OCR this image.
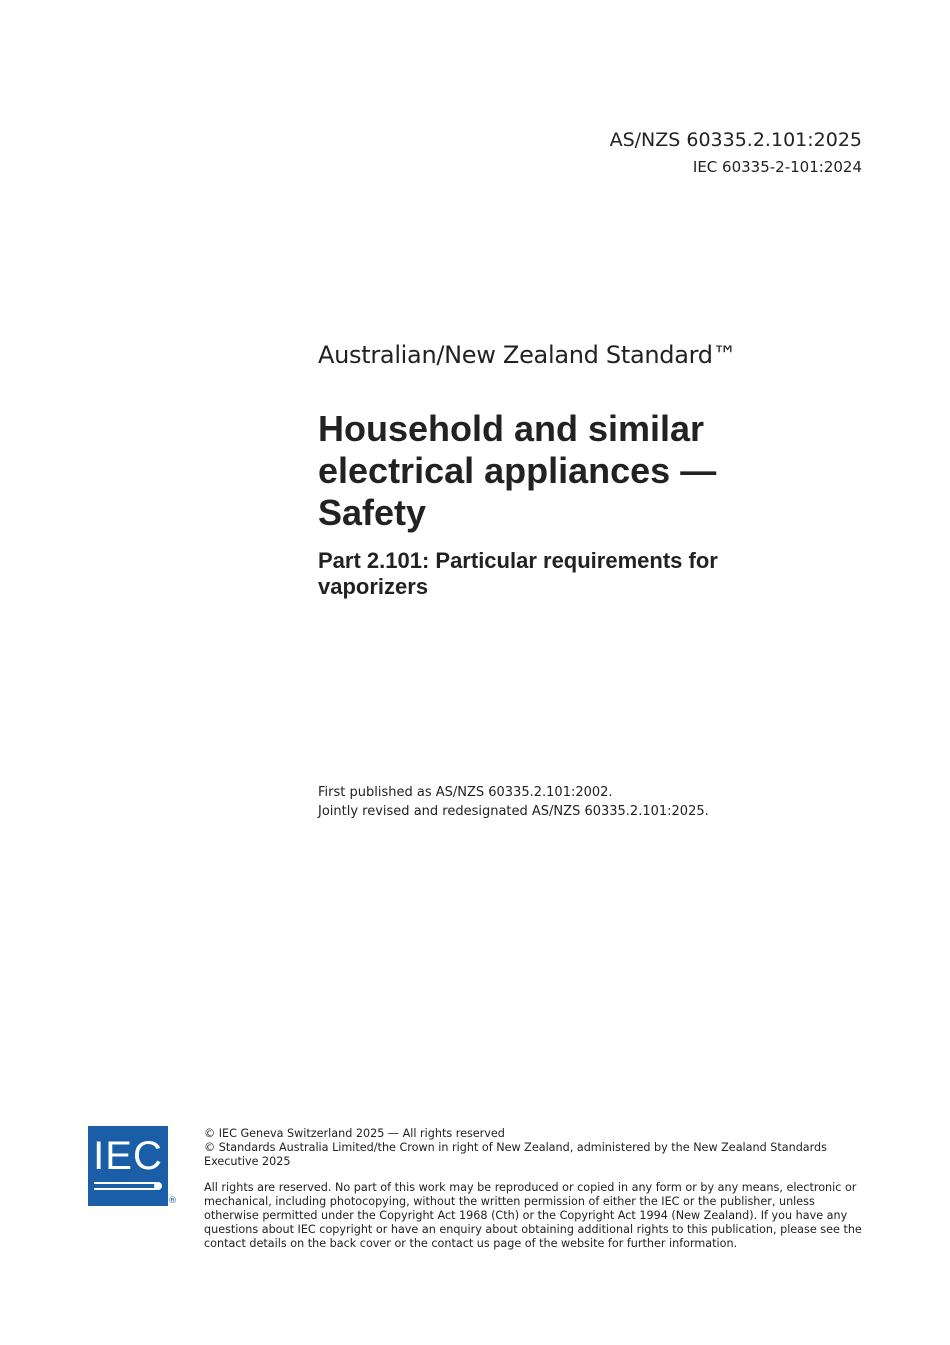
AS/NZS 60335.2.101:2025
IEC 60335-2-101:2024
Australian/New Zealand Standard™
Household and similar
electrical appliances —
Safety
Part 2.101: Particular requirements for
vaporizers
First published as AS/NZS 60335.2.101:2002.
Jointly revised and redesignated AS/NZS 60335.2.101:2025.
IEC
®

© IEC Geneva Switzerland 2025 — All rights reserved

© Standards Australia Limited/the Crown in right of New Zealand, administered by the New Zealand Standards Executive 2025

All rights are reserved. No part of this work may be reproduced or copied in any form or by any means, electronic or mechanical, including photocopying, without the written permission of either the IEC or the publisher, unless otherwise permitted under the Copyright Act 1968 (Cth) or the Copyright Act 1994 (New Zealand). If you have any questions about IEC copyright or have an enquiry about obtaining additional rights to this publication, please see the contact details on the back cover or the contact us page of the website for further information.
